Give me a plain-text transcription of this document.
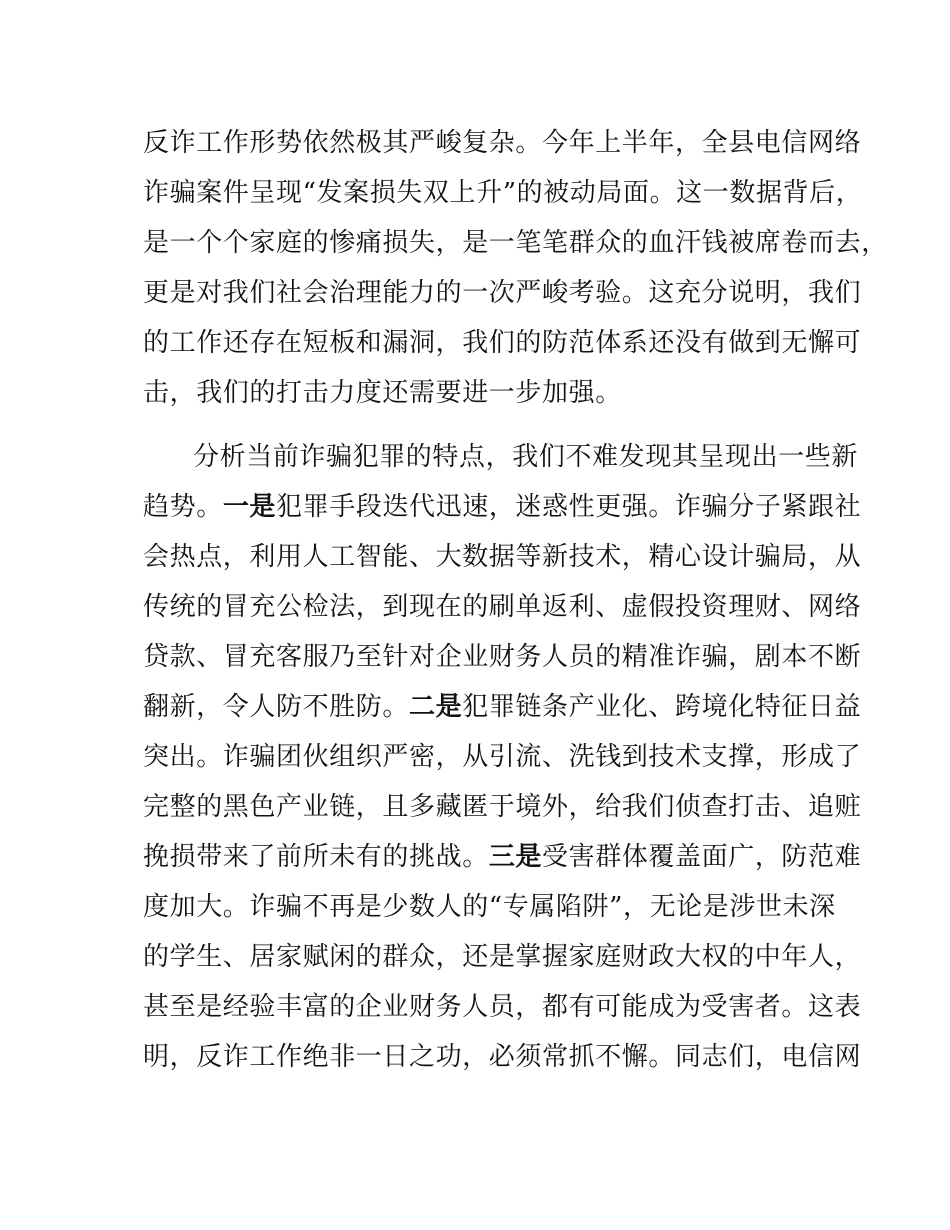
反诈工作形势依然极其严峻复杂。今年上半年，全县电信网络
诈骗案件呈现“发案损失双上升”的被动局面。这一数据背后，
是一个个家庭的惨痛损失，是一笔笔群众的血汗钱被席卷而去，
更是对我们社会治理能力的一次严峻考验。这充分说明，我们
的工作还存在短板和漏洞，我们的防范体系还没有做到无懈可
击，我们的打击力度还需要进一步加强。
分析当前诈骗犯罪的特点，我们不难发现其呈现出一些新
趋势。一是犯罪手段迭代迅速，迷惑性更强。诈骗分子紧跟社
会热点，利用人工智能、大数据等新技术，精心设计骗局，从
传统的冒充公检法，到现在的刷单返利、虚假投资理财、网络
贷款、冒充客服乃至针对企业财务人员的精准诈骗，剧本不断
翻新，令人防不胜防。二是犯罪链条产业化、跨境化特征日益
突出。诈骗团伙组织严密，从引流、洗钱到技术支撑，形成了
完整的黑色产业链，且多藏匿于境外，给我们侦查打击、追赃
挽损带来了前所未有的挑战。三是受害群体覆盖面广，防范难
度加大。诈骗不再是少数人的“专属陷阱”，无论是涉世未深
的学生、居家赋闲的群众，还是掌握家庭财政大权的中年人，
甚至是经验丰富的企业财务人员，都有可能成为受害者。这表
明，反诈工作绝非一日之功，必须常抓不懈。同志们，电信网
